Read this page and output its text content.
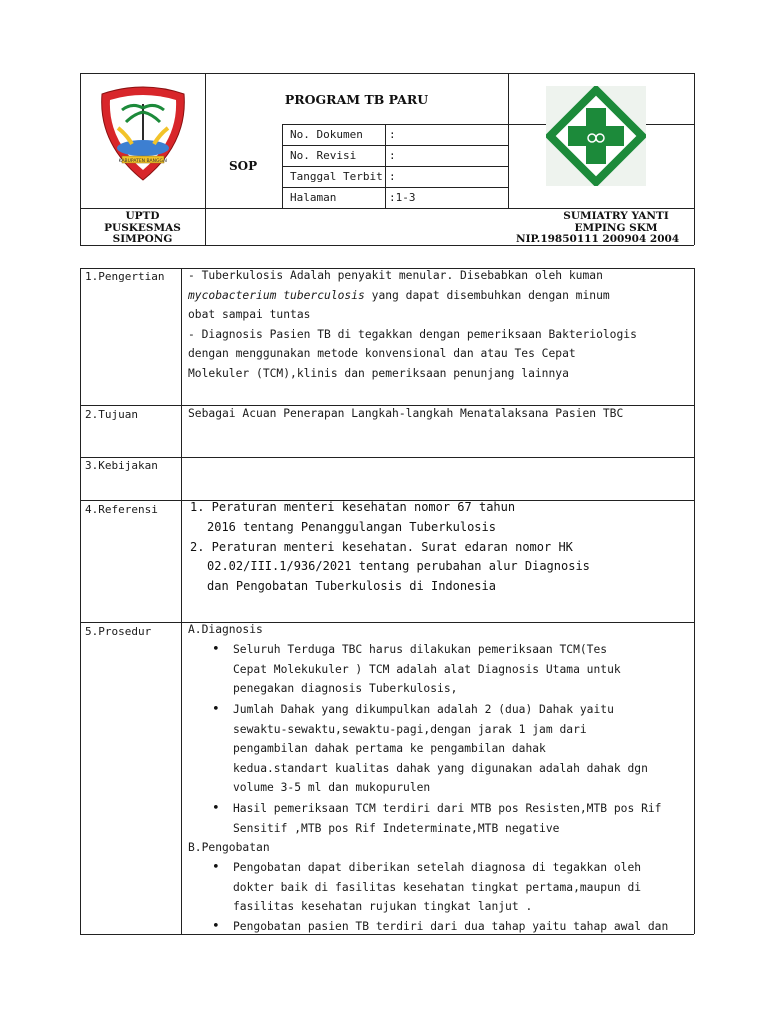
KABUPATEN BANGGAI
PROGRAM TB PARU
SOP
No. Dokumen :
No. Revisi	:
Tanggal Terbit :
Halaman	:1-3
UPTD
PUSKESMAS
SIMPONG
SUMIATRY YANTI
EMPING SKM
NIP.19850111 200904 2004
1.Pengertian - Tuberkulosis Adalah penyakit menular. Disebabkan oleh kuman
mycobacterium tuberculosis yang dapat disembuhkan dengan minum
obat sampai tuntas
- Diagnosis Pasien TB di tegakkan dengan pemeriksaan Bakteriologis
dengan menggunakan metode konvensional dan atau Tes Cepat
Molekuler (TCM),klinis dan pemeriksaan penunjang lainnya
2.Tujuan	Sebagai Acuan Penerapan Langkah-langkah Menatalaksana Pasien TBC
3.Kebijakan
4.Referensi	1. Peraturan menteri kesehatan nomor 67 tahun
2016 tentang Penanggulangan Tuberkulosis
2. Peraturan menteri kesehatan. Surat edaran nomor HK
02.02/III.1/936/2021 tentang perubahan alur Diagnosis
dan Pengobatan Tuberkulosis di Indonesia
5.Prosedur	A.Diagnosis
• Seluruh Terduga TBC harus dilakukan pemeriksaan TCM(Tes
Cepat Molekukuler ) TCM adalah alat Diagnosis Utama untuk
penegakan diagnosis Tuberkulosis,
• Jumlah Dahak yang dikumpulkan adalah 2 (dua) Dahak yaitu
sewaktu-sewaktu,sewaktu-pagi,dengan jarak 1 jam dari
pengambilan dahak pertama ke pengambilan dahak
kedua.standart kualitas dahak yang digunakan adalah dahak dgn
volume 3-5 ml dan mukopurulen
• Hasil pemeriksaan TCM terdiri dari MTB pos Resisten,MTB pos Rif
Sensitif ,MTB pos Rif Indeterminate,MTB negative
B.Pengobatan
• Pengobatan dapat diberikan setelah diagnosa di tegakkan oleh
dokter baik di fasilitas kesehatan tingkat pertama,maupun di
fasilitas kesehatan rujukan tingkat lanjut .
• Pengobatan pasien TB terdiri dari dua tahap yaitu tahap awal dan
